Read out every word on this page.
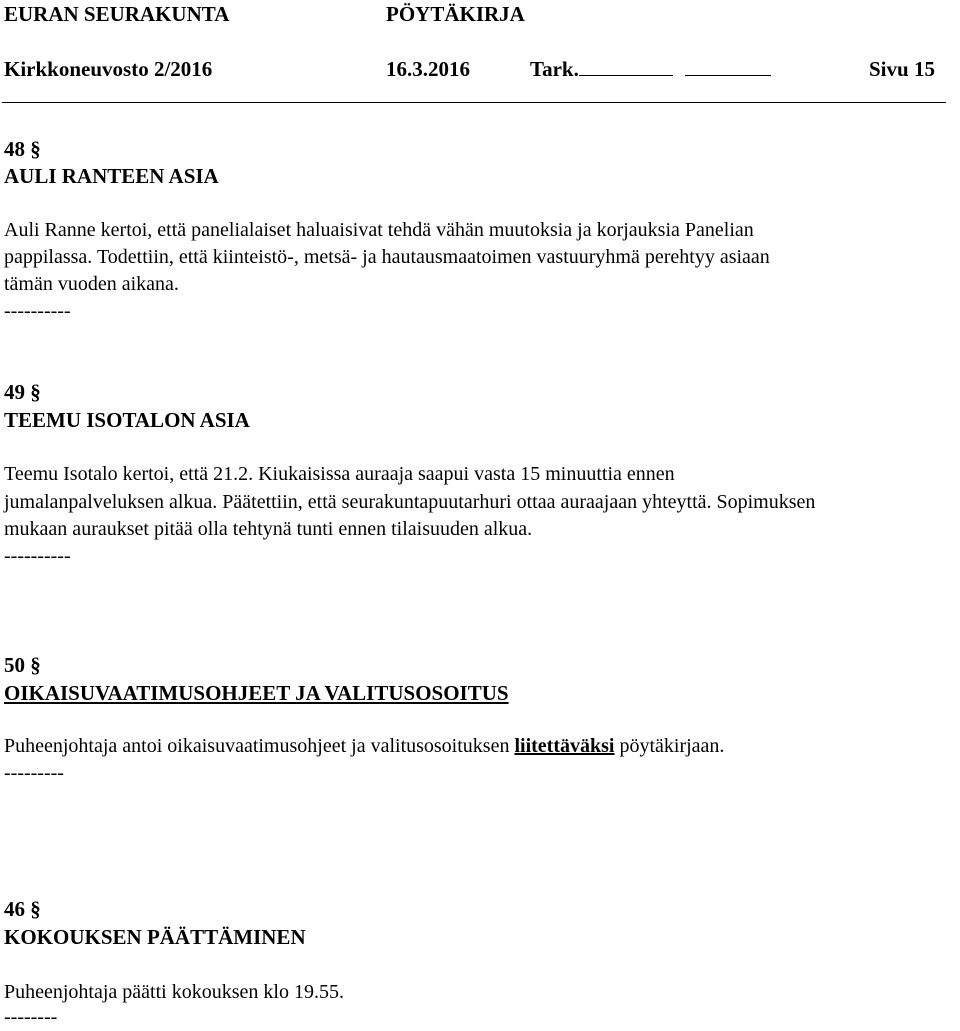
EURAN SEURAKUNTA	PÖYTÄKIRJA
Kirkkoneuvosto 2/2016	16.3.2016	Tark.	Sivu 15
48 §
AULI RANTEEN ASIA
Auli Ranne kertoi, että panelialaiset haluaisivat tehdä vähän muutoksia ja korjauksia Panelian
pappilassa. Todettiin, että kiinteistö-, metsä- ja hautausmaatoimen vastuuryhmä perehtyy asiaan
tämän vuoden aikana.
----------
49 §
TEEMU ISOTALON ASIA
Teemu Isotalo kertoi, että 21.2. Kiukaisissa auraaja saapui vasta 15 minuuttia ennen
jumalanpalveluksen alkua. Päätettiin, että seurakuntapuutarhuri ottaa auraajaan yhteyttä. Sopimuksen
mukaan auraukset pitää olla tehtynä tunti ennen tilaisuuden alkua.
----------
50 §
OIKAISUVAATIMUSOHJEET JA VALITUSOSOITUS
Puheenjohtaja antoi oikaisuvaatimusohjeet ja valitusosoituksen liitettäväksi pöytäkirjaan.
---------
46 §
KOKOUKSEN PÄÄTTÄMINEN
Puheenjohtaja päätti kokouksen klo 19.55.
--------
